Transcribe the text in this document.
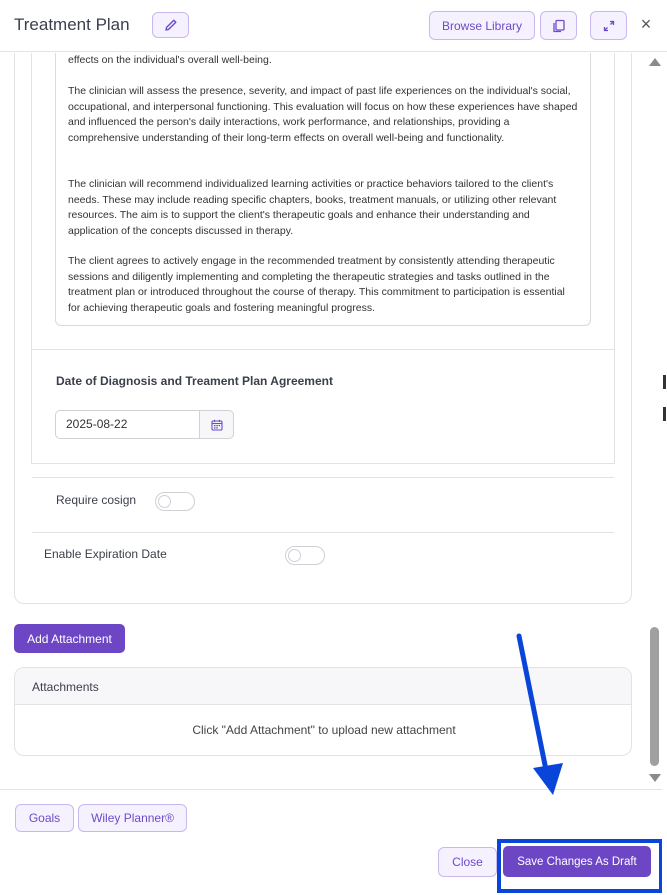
Treatment Plan	Browse Library	×

effects on the individual's overall well-being.

The clinician will assess the presence, severity, and impact of past life experiences on the individual's social, occupational, and interpersonal functioning. This evaluation will focus on how these experiences have shaped and influenced the person's daily interactions, work performance, and relationships, providing a comprehensive understanding of their long-term effects on overall well-being and functionality.

The clinician will recommend individualized learning activities or practice behaviors tailored to the client's needs. These may include reading specific chapters, books, treatment manuals, or utilizing other relevant resources. The aim is to support the client's therapeutic goals and enhance their understanding and application of the concepts discussed in therapy.

The client agrees to actively engage in the recommended treatment by consistently attending therapeutic sessions and diligently implementing and completing the therapeutic strategies and tasks outlined in the treatment plan or introduced throughout the course of therapy. This commitment to participation is essential for achieving therapeutic goals and fostering meaningful progress.

Date of Diagnosis and Treament Plan Agreement
2025-08-22
Require cosign
Enable Expiration Date
Add Attachment
Attachments
Click "Add Attachment" to upload new attachment
Goals	Wiley Planner®
Close	Save Changes As Draft
